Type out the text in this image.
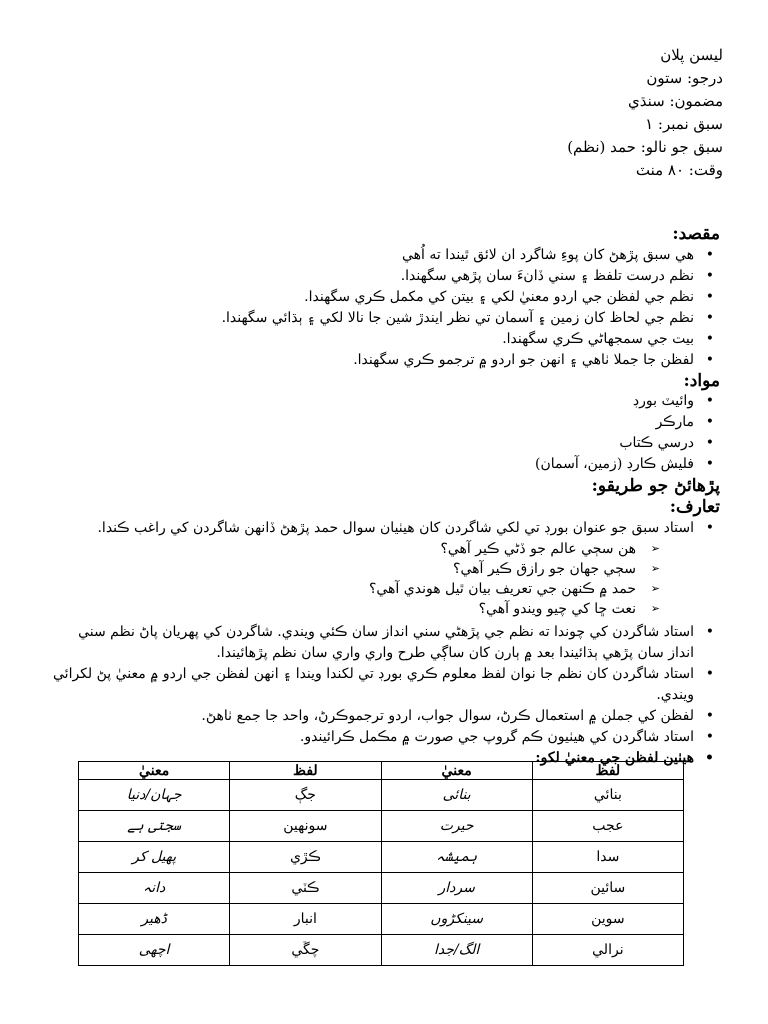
ليسن پلان
درجو: ستون
مضمون: سنڌي
سبق نمبر: ١
سبق جو نالو: حمد (نظم)
وقت: ٨٠ منٽ
مقصد:
• هي سبق پڙهڻ کان پوءِ شاگرد ان لائق ٿيندا ته اُهي
• نظم درست تلفظ ۽ سني ڏانءَ سان پڙهي سگهندا.
• نظم جي لفظن جي اردو معنيٰ لکي ۽ بيتن کي مکمل ڪري سگهندا.
• نظم جي لحاظ کان زمين ۽ آسمان تي نظر ايندڙ شين جا نالا لکي ۽ ٻڌائي سگهندا.
• بيت جي سمجهاڻي ڪري سگهندا.
• لفظن جا جملا ٺاهي ۽ انهن جو اردو ۾ ترجمو ڪري سگهندا.
مواد:
• وائيٽ بورڊ
• مارڪر
• درسي ڪتاب
• فليش ڪارڊ (زمين، آسمان)
پڙهائڻ جو طريقو:
تعارف:
• استاد سبق جو عنوان بورڊ تي لکي شاگردن کان هيٺيان سوال حمد پڙهڻ ڏانهن شاگردن کي راغب ڪندا.
➢ هن سڄي عالم جو ڏڻي ڪير آهي؟
➢ سڄي جهان جو رازق ڪير آهي؟
➢ حمد ۾ ڪنهن جي تعريف بيان ٿيل هوندي آهي؟
➢ نعت ڇا کي چيو ويندو آهي؟
• استاد شاگردن کي چوندا ته نظم جي پڙهڻي سني انداز سان ڪئي ويندي. شاگردن کي پهريان پاڻ نظم سني انداز سان پڙهي ٻڌائيندا بعد ۾ ٻارن کان ساڳي طرح واري واري سان نظم پڙهائيندا.
• استاد شاگردن کان نظم جا نوان لفظ معلوم ڪري بورڊ تي لکندا ويندا ۽ انهن لفظن جي اردو ۾ معنيٰ پڻ لکرائي ويندي.
• لفظن کي جملن ۾ استعمال ڪرڻ، سوال جواب، اردو ترجموڪرڻ، واحد جا جمع ٺاهڻ.
• استاد شاگردن کي هيٺيون ڪم گروپ جي صورت ۾ مڪمل ڪرائيندو.
• هيٺين لفظن جي معنيٰ لکو:
لفظ	معنيٰ	لفظ	معنيٰ
بنائي	بنائی	جڳ	جہان/دنیا
عجب	حیرت	سونهين	سجتی ہے
سدا	ہمیشہ	ڪڙي	پھیل کر
سائين	سردار	ڪٽي	دانہ
سوين	سینکڑوں	انبار	ڈھیر
نرالي	الگ/جدا	چڱي	اچھی
